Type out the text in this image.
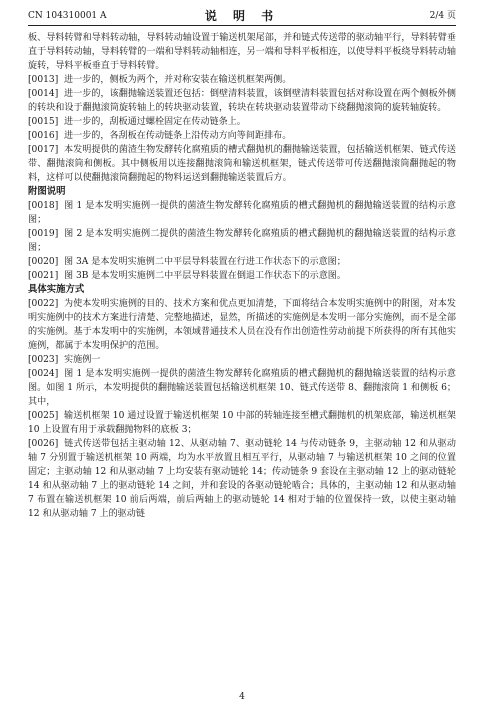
CN 104310001 A	说 明 书	2/4 页

板、导料转臂和导料转动轴，导料转动轴设置于输送机架尾部，并和链式传送带的驱动轴平行，导料转臂垂直于导料转动轴，导料转臂的一端和导料转动轴相连，另一端和导料平板相连，以使导料平板绕导料转动轴旋转，导料平板垂直于导料转臂。

[0013] 进一步的，侧板为两个，并对称安装在输送机框架两侧。

[0014] 进一步的，该翻抛输送装置还包括：倒壁清料装置，该倒壁清料装置包括对称设置在两个侧板外侧的转块和设于翻抛滚筒旋转轴上的转块驱动装置，转块在转块驱动装置带动下绕翻抛滚筒的旋转轴旋转。

[0015] 进一步的，刮板通过螺栓固定在传动链条上。

[0016] 进一步的，各刮板在传动链条上沿传动方向等间距排布。

[0017] 本发明提供的菌渣生物发酵转化腐殖质的槽式翻抛机的翻抛输送装置，包括输送机框架、链式传送带、翻抛滚筒和侧板。其中侧板用以连接翻抛滚筒和输送机框架，链式传送带可传送翻抛滚筒翻抛起的物料，这样可以使翻抛滚筒翻抛起的物料运送到翻抛输送装置后方。

附图说明

[0018] 图 1 是本发明实施例一提供的菌渣生物发酵转化腐殖质的槽式翻抛机的翻抛输送装置的结构示意图；

[0019] 图 2 是本发明实施例二提供的菌渣生物发酵转化腐殖质的槽式翻抛机的翻抛输送装置的结构示意图；

[0020] 图 3A 是本发明实施例二中平层导料装置在行进工作状态下的示意图；

[0021] 图 3B 是本发明实施例二中平层导料装置在倒退工作状态下的示意图。

具体实施方式

[0022] 为使本发明实施例的目的、技术方案和优点更加清楚，下面将结合本发明实施例中的附图，对本发明实施例中的技术方案进行清楚、完整地描述，显然，所描述的实施例是本发明一部分实施例，而不是全部的实施例。基于本发明中的实施例，本领域普通技术人员在没有作出创造性劳动前提下所获得的所有其他实施例，都属于本发明保护的范围。

[0023] 实施例一

[0024] 图 1 是本发明实施例一提供的菌渣生物发酵转化腐殖质的槽式翻抛机的翻抛输送装置的结构示意图。如图 1 所示，本发明提供的翻抛输送装置包括输送机框架 10、链式传送带 8、翻抛滚筒 1 和侧板 6；其中，

[0025] 输送机框架 10 通过设置于输送机框架 10 中部的转轴连接至槽式翻抛机的机架底部，输送机框架 10 上设置有用于承载翻抛物料的底板 3；

[0026] 链式传送带包括主驱动轴 12、从驱动轴 7、驱动链轮 14 与传动链条 9，主驱动轴 12 和从驱动轴 7 分别置于输送机框架 10 两端，均为水平放置且相互平行，从驱动轴 7 与输送机框架 10 之间的位置固定；主驱动轴 12 和从驱动轴 7 上均安装有驱动链轮 14；传动链条 9 套设在主驱动轴 12 上的驱动链轮 14 和从驱动轴 7 上的驱动链轮 14 之间，并和套设的各驱动链轮啮合；具体的，主驱动轴 12 和从驱动轴 7 布置在输送机框架 10 前后两端，前后两轴上的驱动链轮 14 相对于轴的位置保持一致，以使主驱动轴 12 和从驱动轴 7 上的驱动链

4
